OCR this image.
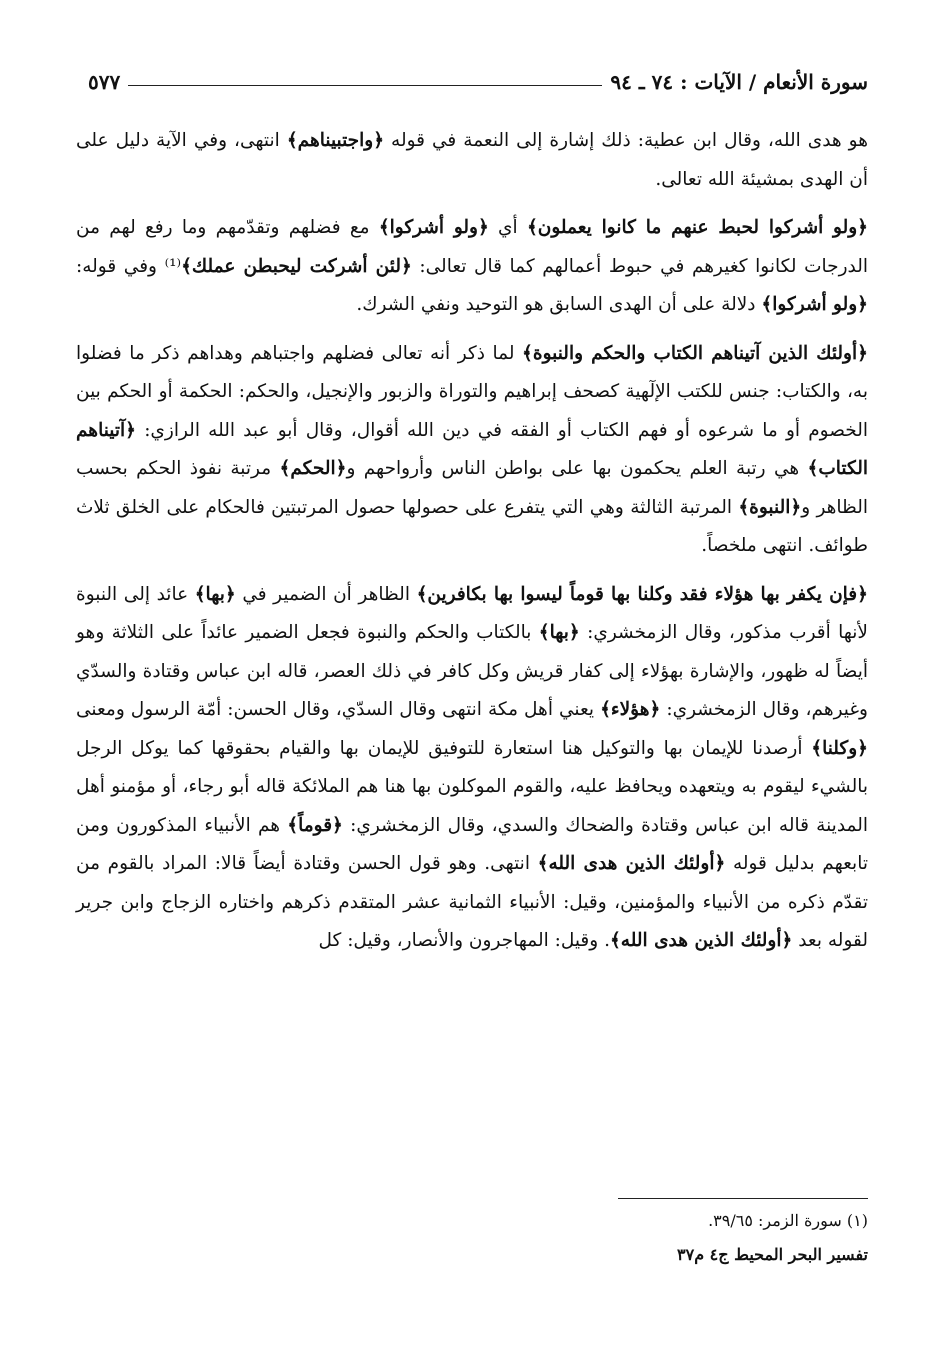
سورة الأنعام / الآيات : ٧٤ ـ ٩٤
٥٧٧

هو هدى الله، وقال ابن عطية: ذلك إشارة إلى النعمة في قوله ﴿واجتبيناهم﴾ انتهى، وفي الآية دليل على أن الهدى بمشيئة الله تعالى.

﴿ولو أشركوا لحبط عنهم ما كانوا يعملون﴾ أي ﴿ولو أشركوا﴾ مع فضلهم وتقدّمهم وما رفع لهم من الدرجات لكانوا كغيرهم في حبوط أعمالهم كما قال تعالى: ﴿لئن أشركت ليحبطن عملك﴾⁽¹⁾ وفي قوله: ﴿ولو أشركوا﴾ دلالة على أن الهدى السابق هو التوحيد ونفي الشرك.

﴿أولئك الذين آتيناهم الكتاب والحكم والنبوة﴾ لما ذكر أنه تعالى فضلهم واجتباهم وهداهم ذكر ما فضلوا به، والكتاب: جنس للكتب الإلٓهية كصحف إبراهيم والتوراة والزبور والإنجيل، والحكم: الحكمة أو الحكم بين الخصوم أو ما شرعوه أو فهم الكتاب أو الفقه في دين الله أقوال، وقال أبو عبد الله الرازي: ﴿آتيناهم الكتاب﴾ هي رتبة العلم يحكمون بها على بواطن الناس وأرواحهم و﴿الحكم﴾ مرتبة نفوذ الحكم بحسب الظاهر و﴿النبوة﴾ المرتبة الثالثة وهي التي يتفرع على حصولها حصول المرتبتين فالحكام على الخلق ثلاث طوائف. انتهى ملخصاً.

﴿فإن يكفر بها هؤلاء فقد وكلنا بها قوماً ليسوا بها بكافرين﴾ الظاهر أن الضمير في ﴿بها﴾ عائد إلى النبوة لأنها أقرب مذكور، وقال الزمخشري: ﴿بها﴾ بالكتاب والحكم والنبوة فجعل الضمير عائداً على الثلاثة وهو أيضاً له ظهور، والإشارة بهؤلاء إلى كفار قريش وكل كافر في ذلك العصر، قاله ابن عباس وقتادة والسدّي وغيرهم، وقال الزمخشري: ﴿هؤلاء﴾ يعني أهل مكة انتهى وقال السدّي، وقال الحسن: أمّة الرسول ومعنى ﴿وكلنا﴾ أرصدنا للإيمان بها والتوكيل هنا استعارة للتوفيق للإيمان بها والقيام بحقوقها كما يوكل الرجل بالشيء ليقوم به ويتعهده ويحافظ عليه، والقوم الموكلون بها هنا هم الملائكة قاله أبو رجاء، أو مؤمنو أهل المدينة قاله ابن عباس وقتادة والضحاك والسدي، وقال الزمخشري: ﴿قوماً﴾ هم الأنبياء المذكورون ومن تابعهم بدليل قوله ﴿أولئك الذين هدى الله﴾ انتهى. وهو قول الحسن وقتادة أيضاً قالا: المراد بالقوم من تقدّم ذكره من الأنبياء والمؤمنين، وقيل: الأنبياء الثمانية عشر المتقدم ذكرهم واختاره الزجاج وابن جرير لقوله بعد ﴿أولئك الذين هدى الله﴾. وقيل: المهاجرون والأنصار، وقيل: كل

(١) سورة الزمر: ٣٩/٦٥.
تفسير البحر المحيط ج٤ م٣٧
